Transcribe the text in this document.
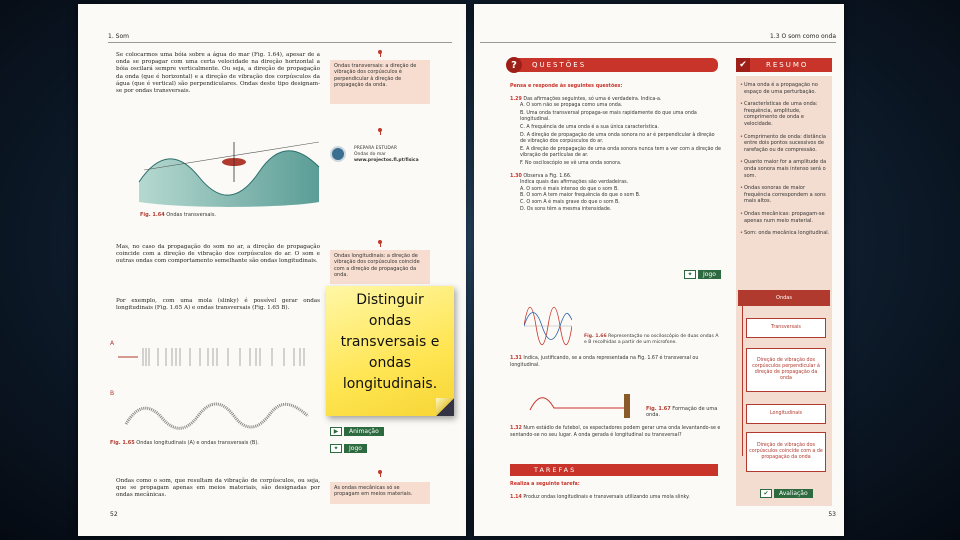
1. Som

Se colocarmos uma bóia sobre a água do mar (Fig. 1.64), apesar de a onda se propagar com uma certa velocidade na direção horizontal a bóia oscilará sempre verticalmente. Ou seja, a direção de propagação da onda (que é horizontal) e a direção de vibração dos corpúsculos da água (que é vertical) são perpendiculares. Ondas deste tipo designam-se por ondas transversais.

Ondas transversais: a direção de vibração dos corpúsculos é perpendicular à direção de propagação da onda.
PREPARA ESTUDAR
Ondas do mar
www.projectos.fl.pt/fisica
Fig. 1.64 Ondas transversais.

Mas, no caso da propagação do som no ar, a direção de propagação coincide com a direção de vibração dos corpúsculos do ar. O som e outras ondas com comportamento semelhante são ondas longitudinais.

Ondas longitudinais: a direção de vibração dos corpúsculos coincide com a direção de propagação da onda.

Por exemplo, com uma mola (slinky) é possível gerar ondas longitudinais (Fig. 1.65 A) e ondas transversais (Fig. 1.65 B).

A
B
Fig. 1.65 Ondas longitudinais (A) e ondas transversais (B).
▶	Animação
✦	Jogo

Ondas como o som, que resultam da vibração de corpúsculos, ou seja, que se propagam apenas em meios materiais, são designadas por ondas mecânicas.

As ondas mecânicas só se propagam em meios materiais.
52
1.3 O som como onda
?	QUESTÕES
Pensa e responde às seguintes questões:
1.29 Das afirmações seguintes, só uma é verdadeira. Indica-a.
A. O som não se propaga como uma onda.
B. Uma onda transversal propaga-se mais rapidamente do que uma onda longitudinal.
C. A frequência de uma onda é a sua única característica.
D. A direção de propagação de uma onda sonora no ar é perpendicular à direção de vibração dos corpúsculos do ar.
E. A direção de propagação de uma onda sonora nunca tem a ver com a direção de vibração de partículas de ar.
F. No osciloscópio se vê uma onda sonora.
1.30 Observa a Fig. 1.66.
Indica quais das afirmações são verdadeiras.
A. O som é mais intenso do que o som B.
B. O som A tem maior frequência do que o som B.
C. O som A é mais grave do que o som B.
D. Os sons têm a mesma intensidade.
✦	Jogo
Fig. 1.66 Representação no osciloscópio de duas ondas A e B recolhidas a partir de um microfone.
1.31 Indica, justificando, se a onda representada na Fig. 1.67 é transversal ou longitudinal.
Fig. 1.67 Formação de uma onda.
1.32 Num estádio de futebol, os espectadores podem gerar uma onda levantando-se e sentando-se no seu lugar. A onda gerada é longitudinal ou transversal?
TAREFAS
Realiza a seguinte tarefa:
1.14 Produz ondas longitudinais e transversais utilizando uma mola slinky.
✔	RESUMO
• Uma onda é a propagação no espaço de uma perturbação.
• Características de uma onda: frequência, amplitude, comprimento de onda e velocidade.
• Comprimento de onda: distância entre dois pontos sucessivos de rarefação ou de compressão.
• Quanto maior for a amplitude da onda sonora mais intenso será o som.
• Ondas sonoras de maior frequência correspondem a sons mais altos.
• Ondas mecânicas: propagam-se apenas num meio material.
• Som: onda mecânica longitudinal.
Ondas
Transversais
Direção de vibração dos corpúsculos perpendicular à direção de propagação da onda
Longitudinais
Direção de vibração dos corpúsculos coincide com a de propagação da onda
✔	Avaliação
53
Distinguir ondas transversais e ondas longitudinais.
